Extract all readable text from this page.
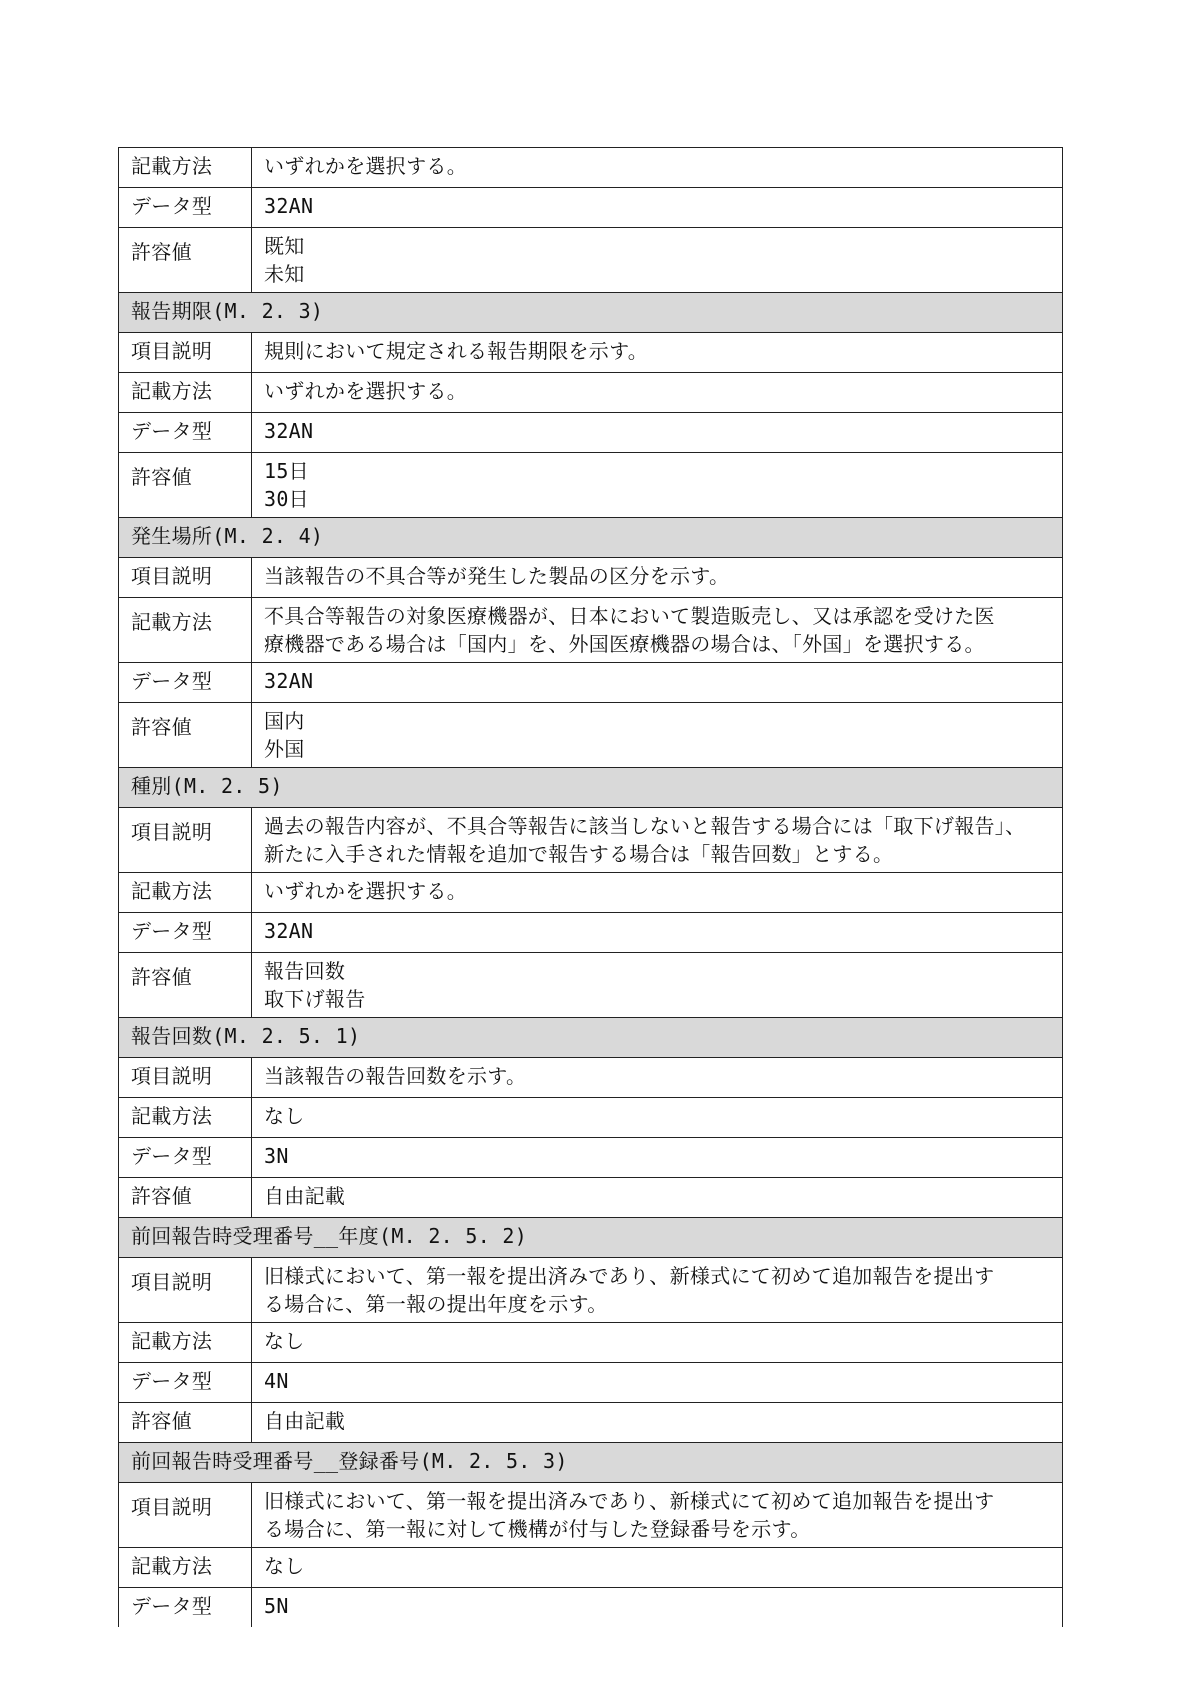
記載方法	いずれかを選択する。
データ型	32AN
許容値	既知
未知
報告期限(M. 2. 3)	
項目説明	規則において規定される報告期限を示す。
記載方法	いずれかを選択する。
データ型	32AN
許容値	15日
30日
発生場所(M. 2. 4)	
項目説明	当該報告の不具合等が発生した製品の区分を示す。
記載方法	不具合等報告の対象医療機器が、日本において製造販売し、又は承認を受けた医
療機器である場合は「国内」を、外国医療機器の場合は、「外国」を選択する。
データ型	32AN
許容値	国内
外国
種別(M. 2. 5)	
項目説明	過去の報告内容が、不具合等報告に該当しないと報告する場合には「取下げ報告」、
新たに入手された情報を追加で報告する場合は「報告回数」とする。
記載方法	いずれかを選択する。
データ型	32AN
許容値	報告回数
取下げ報告
報告回数(M. 2. 5. 1)	
項目説明	当該報告の報告回数を示す。
記載方法	なし
データ型	3N
許容値	自由記載
前回報告時受理番号__年度(M. 2. 5. 2)	
項目説明	旧様式において、第一報を提出済みであり、新様式にて初めて追加報告を提出す
る場合に、第一報の提出年度を示す。
記載方法	なし
データ型	4N
許容値	自由記載
前回報告時受理番号__登録番号(M. 2. 5. 3)	
項目説明	旧様式において、第一報を提出済みであり、新様式にて初めて追加報告を提出す
る場合に、第一報に対して機構が付与した登録番号を示す。
記載方法	なし
データ型	5N
